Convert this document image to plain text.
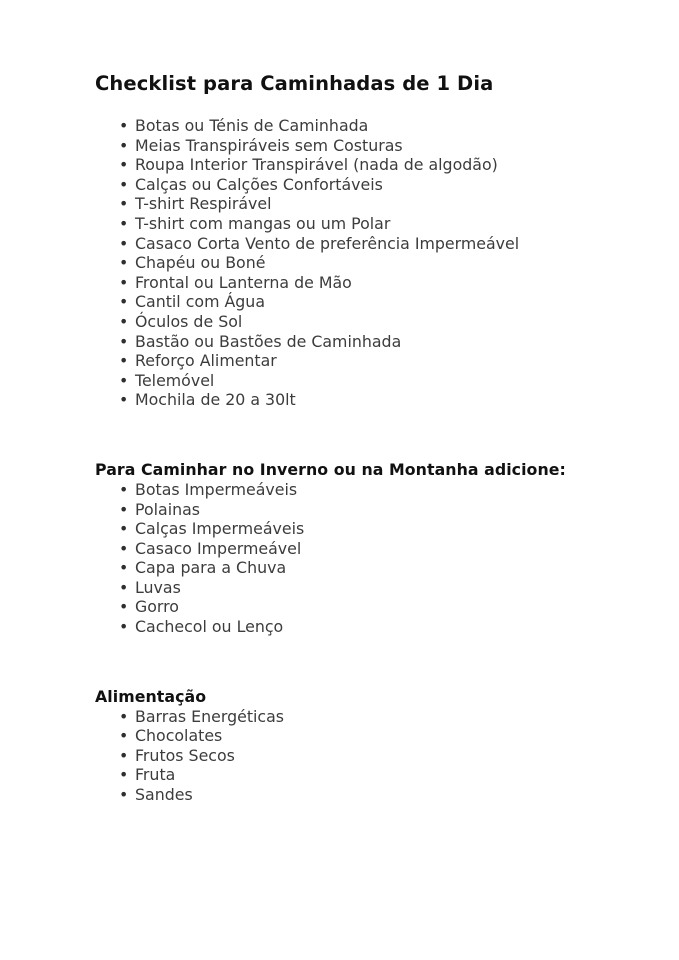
Checklist para Caminhadas de 1 Dia
• Botas ou Ténis de Caminhada
• Meias Transpiráveis sem Costuras
• Roupa Interior Transpirável (nada de algodão)
• Calças ou Calções Confortáveis
• T-shirt Respirável
• T-shirt com mangas ou um Polar
• Casaco Corta Vento de preferência Impermeável
• Chapéu ou Boné
• Frontal ou Lanterna de Mão
• Cantil com Água
• Óculos de Sol
• Bastão ou Bastões de Caminhada
• Reforço Alimentar
• Telemóvel
• Mochila de 20 a 30lt
Para Caminhar no Inverno ou na Montanha adicione:
• Botas Impermeáveis
• Polainas
• Calças Impermeáveis
• Casaco Impermeável
• Capa para a Chuva
• Luvas
• Gorro
• Cachecol ou Lenço
Alimentação
• Barras Energéticas
• Chocolates
• Frutos Secos
• Fruta
• Sandes
